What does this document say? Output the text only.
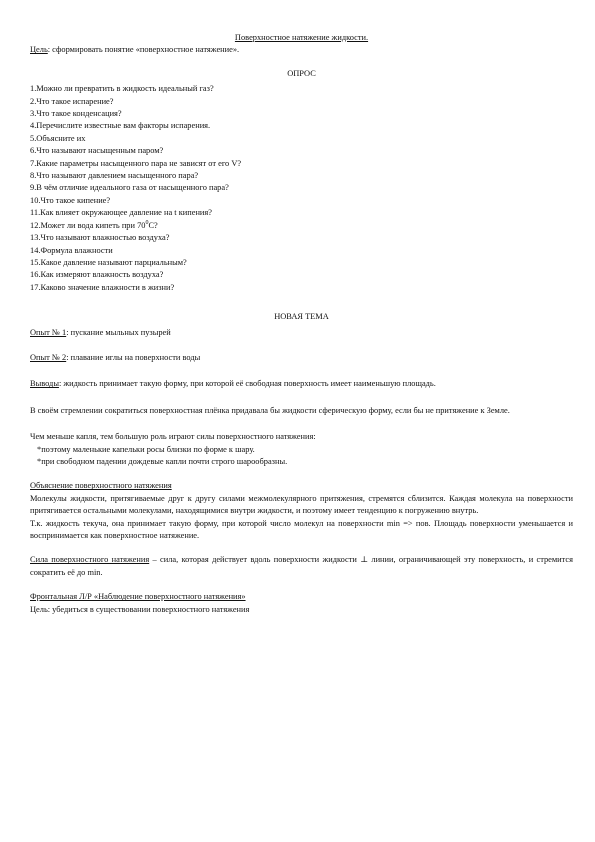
Поверхностное натяжение жидкости.

Цель: сформировать понятие «поверхностное натяжение».

ОПРОС

1.Можно ли превратить в жидкость идеальный газ?
2.Что такое испарение?
3.Что такое конденсация?
4.Перечислите известные вам факторы испарения.
5.Объясните их
6.Что называют насыщенным паром?
7.Какие параметры насыщенного пара не зависят от его V?
8.Что называют давлением насыщенного пара?
9.В чём отличие идеального газа от насыщенного пара?
10.Что такое кипение?
11.Как влияет окружающее давление на t кипения?
12.Может ли вода кипеть при $70^0С$?
13.Что называют влажностью воздуха?
14.Формула влажности
15.Какое давление называют парциальным?
16.Как измеряют влажность воздуха?
17.Каково значение влажности в жизни?

НОВАЯ ТЕМА

Опыт № 1: пускание мыльных пузырей

Опыт № 2: плавание иглы на поверхности воды

Выводы: жидкость принимает такую форму, при которой её свободная поверхность имеет наименьшую площадь.

В своём стремлении сократиться поверхностная плёнка придавала бы жидкости сферическую форму, если бы не притяжение к Земле.

Чем меньше капля, тем большую роль играют силы поверхностного натяжения:

*поэтому маленькие капельки росы близки по форме к шару.

*при свободном падении дождевые капли почти строго шарообразны.

Объяснение поверхностного натяжения

Молекулы жидкости, притягиваемые друг к другу силами межмолекулярного притяжения, стремятся сблизится. Каждая молекула на поверхности притягивается остальными молекулами, находящимися внутри жидкости, и поэтому имеет тенденцию к погружению внутрь.

Т.к. жидкость текуча, она принимает такую форму, при которой число молекул на поверхности min => пов. Площадь поверхности уменьшается и воспринимается как поверхностное натяжение.

Сила поверхностного натяжения – сила, которая действует вдоль поверхности жидкости ⊥ линии, ограничивающей эту поверхность, и стремится сократить её до min.

Фронтальная Л/Р «Наблюдение поверхностного натяжения»

Цель: убедиться в существовании поверхностного натяжения
